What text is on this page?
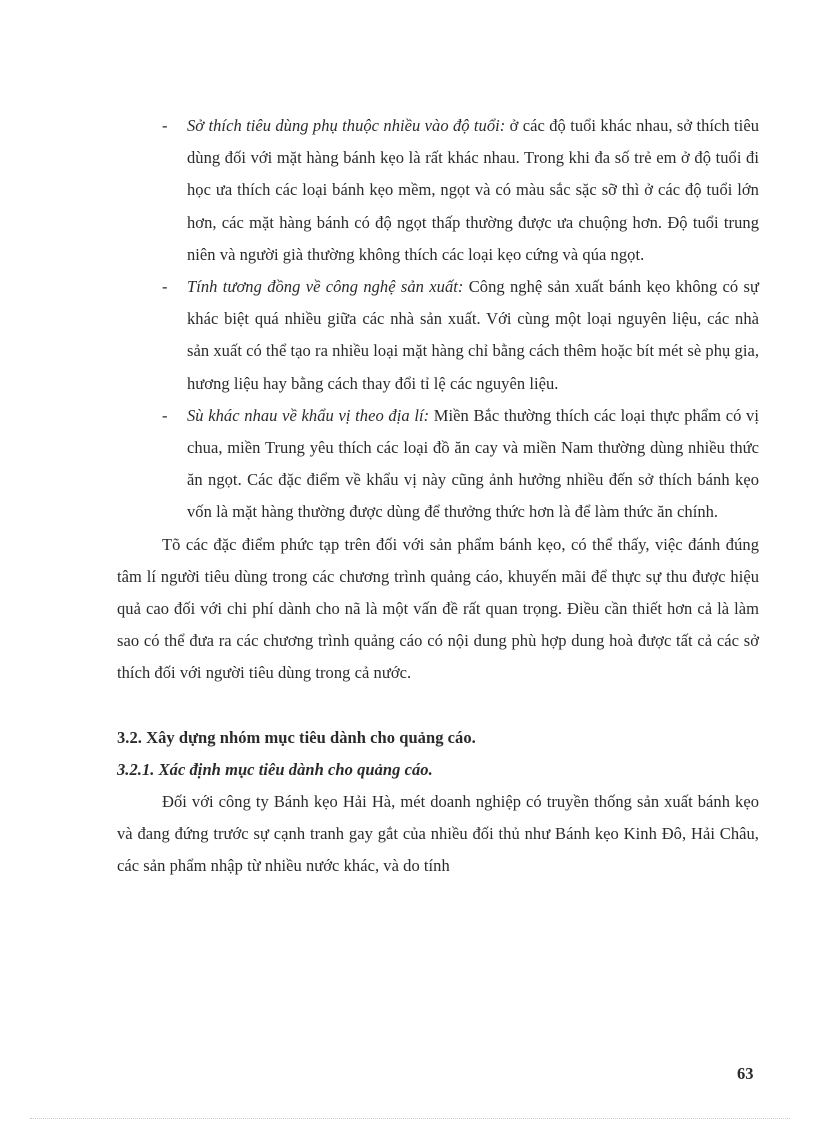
- Sở thích tiêu dùng phụ thuộc nhiều vào độ tuổi: ở các độ tuổi khác nhau, sở thích tiêu dùng đối với mặt hàng bánh kẹo là rất khác nhau. Trong khi đa số trẻ em ở độ tuổi đi học ưa thích các loại bánh kẹo mềm, ngọt và có màu sắc sặc sỡ thì ở các độ tuổi lớn hơn, các mặt hàng bánh có độ ngọt thấp thường được ưa chuộng hơn. Độ tuổi trung niên và người già thường không thích các loại kẹo cứng và qúa ngọt.

- Tính tương đồng về công nghệ sản xuất: Công nghệ sản xuất bánh kẹo không có sự khác biệt quá nhiều giữa các nhà sản xuất. Với cùng một loại nguyên liệu, các nhà sản xuất có thể tạo ra nhiều loại mặt hàng chỉ bằng cách thêm hoặc bít mét sè phụ gia, hương liệu hay bằng cách thay đổi tỉ lệ các nguyên liệu.

- Sù khác nhau về khẩu vị theo địa lí: Miền Bắc thường thích các loại thực phẩm có vị chua, miền Trung yêu thích các loại đồ ăn cay và miền Nam thường dùng nhiều thức ăn ngọt. Các đặc điểm về khẩu vị này cũng ảnh hưởng nhiều đến sở thích bánh kẹo vốn là mặt hàng thường được dùng để thưởng thức hơn là để làm thức ăn chính.

Tõ các đặc điểm phức tạp trên đối với sản phẩm bánh kẹo, có thể thấy, việc đánh đúng tâm lí người tiêu dùng trong các chương trình quảng cáo, khuyến mãi để thực sự thu được hiệu quả cao đối với chi phí dành cho nã là một vấn đề rất quan trọng. Điều cần thiết hơn cả là làm sao có thể đưa ra các chương trình quảng cáo có nội dung phù hợp dung hoà được tất cả các sở thích đối với người tiêu dùng trong cả nước.

3.2. Xây dựng nhóm mục tiêu dành cho quảng cáo.

3.2.1. Xác định mục tiêu dành cho quảng cáo.

Đối với công ty Bánh kẹo Hải Hà, mét doanh nghiệp có truyền thống sản xuất bánh kẹo và đang đứng trước sự cạnh tranh gay gắt của nhiều đối thủ như Bánh kẹo Kinh Đô, Hải Châu, các sản phẩm nhập từ nhiều nước khác, và do tính

63
